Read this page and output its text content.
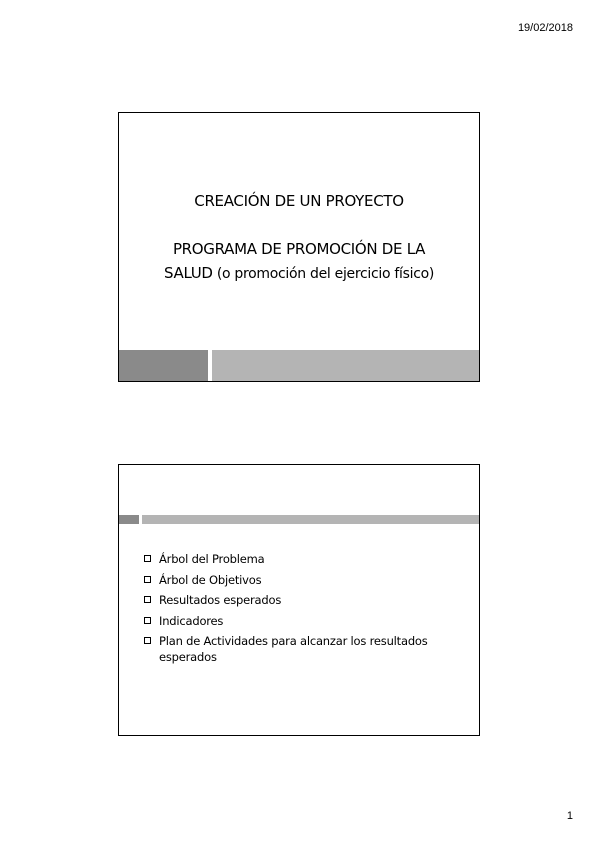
19/02/2018
CREACIÓN DE UN PROYECTO
PROGRAMA DE PROMOCIÓN DE LA
SALUD (o promoción del ejercicio físico)
Árbol del Problema
Árbol de Objetivos
Resultados esperados
Indicadores
Plan de Actividades para alcanzar los resultados esperados
1
